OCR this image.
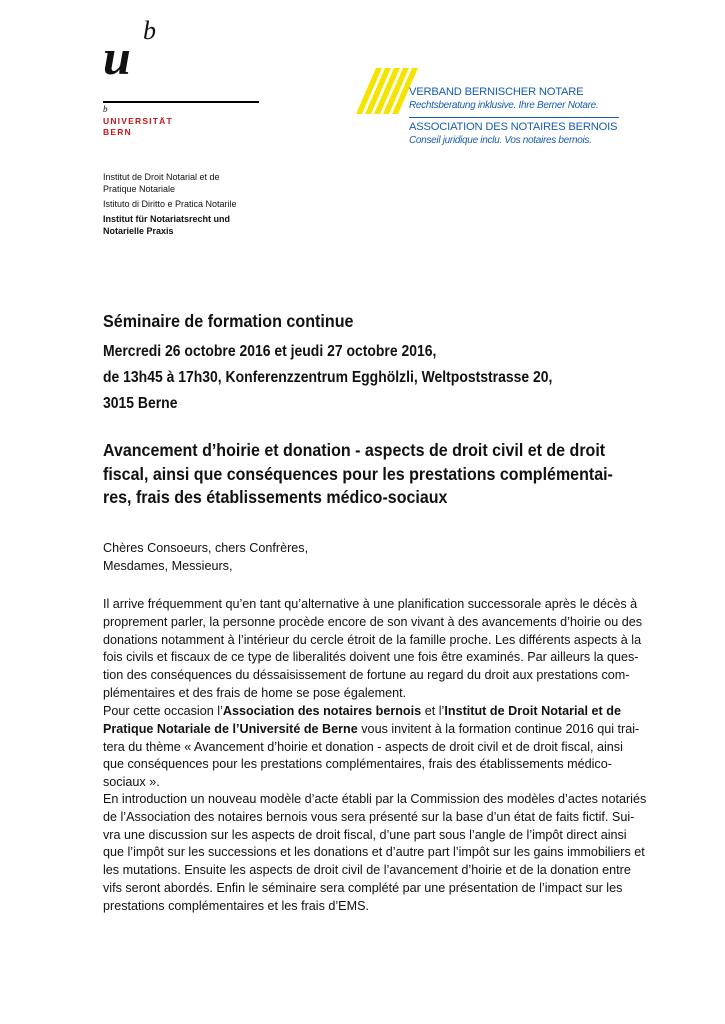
u b
b
UNIVERSITÄT
BERN
VERBAND BERNISCHER NOTARE
Rechtsberatung inklusive. Ihre Berner Notare.
ASSOCIATION DES NOTAIRES BERNOIS
Conseil juridique inclu. Vos notaires bernois.
Institut de Droit Notarial et de
Pratique Notariale
Istituto di Diritto e Pratica Notarile
Institut für Notariatsrecht und
Notarielle Praxis
Séminaire de formation continue
Mercredi 26 octobre 2016 et jeudi 27 octobre 2016,
de 13h45 à 17h30, Konferenzzentrum Egghölzli, Weltpoststrasse 20,
3015 Berne
Avancement d’hoirie et donation - aspects de droit civil et de droit
fiscal, ainsi que conséquences pour les prestations complémentai-
res, frais des établissements médico-sociaux
Chères Consoeurs, chers Confrères,
Mesdames, Messieurs,
Il arrive fréquemment qu’en tant qu’alternative à une planification successorale après le décès à
proprement parler, la personne procède encore de son vivant à des avancements d’hoirie ou des
donations notamment à l’intérieur du cercle étroit de la famille proche. Les différents aspects à la
fois civils et fiscaux de ce type de liberalités doivent une fois être examinés. Par ailleurs la ques-
tion des conséquences du déssaisissement de fortune au regard du droit aux prestations com-
plémentaires et des frais de home se pose également.
Pour cette occasion l’Association des notaires bernois et l’Institut de Droit Notarial et de
Pratique Notariale de l’Université de Berne vous invitent à la formation continue 2016 qui trai-
tera du thème « Avancement d’hoirie et donation - aspects de droit civil et de droit fiscal, ainsi
que conséquences pour les prestations complémentaires, frais des établissements médico-
sociaux ».
En introduction un nouveau modèle d’acte établi par la Commission des modèles d’actes notariés
de l’Association des notaires bernois vous sera présenté sur la base d’un état de faits fictif. Sui-
vra une discussion sur les aspects de droit fiscal, d’une part sous l’angle de l’impôt direct ainsi
que l’impôt sur les successions et les donations et d’autre part l’impôt sur les gains immobiliers et
les mutations. Ensuite les aspects de droit civil de l’avancement d’hoirie et de la donation entre
vifs seront abordés. Enfin le séminaire sera complété par une présentation de l’impact sur les
prestations complémentaires et les frais d’EMS.
